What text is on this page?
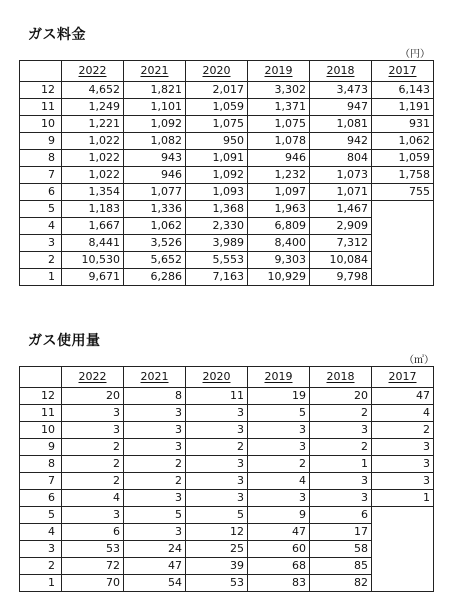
ガス料金
（円）
	2022	2021	2020	2019	2018	2017
12	4,652	1,821	2,017	3,302	3,473	6,143
11	1,249	1,101	1,059	1,371	947	1,191
10	1,221	1,092	1,075	1,075	1,081	931
9	1,022	1,082	950	1,078	942	1,062
8	1,022	943	1,091	946	804	1,059
7	1,022	946	1,092	1,232	1,073	1,758
6	1,354	1,077	1,093	1,097	1,071	755
5	1,183	1,336	1,368	1,963	1,467	
4	1,667	1,062	2,330	6,809	2,909	
3	8,441	3,526	3,989	8,400	7,312	
2	10,530	5,652	5,553	9,303	10,084	
1	9,671	6,286	7,163	10,929	9,798	
ガス使用量
（㎥）
	2022	2021	2020	2019	2018	2017
12	20	8	11	19	20	47
11	3	3	3	5	2	4
10	3	3	3	3	3	2
9	2	3	2	3	2	3
8	2	2	3	2	1	3
7	2	2	3	4	3	3
6	4	3	3	3	3	1
5	3	5	5	9	6	
4	6	3	12	47	17	
3	53	24	25	60	58	
2	72	47	39	68	85	
1	70	54	53	83	82	
